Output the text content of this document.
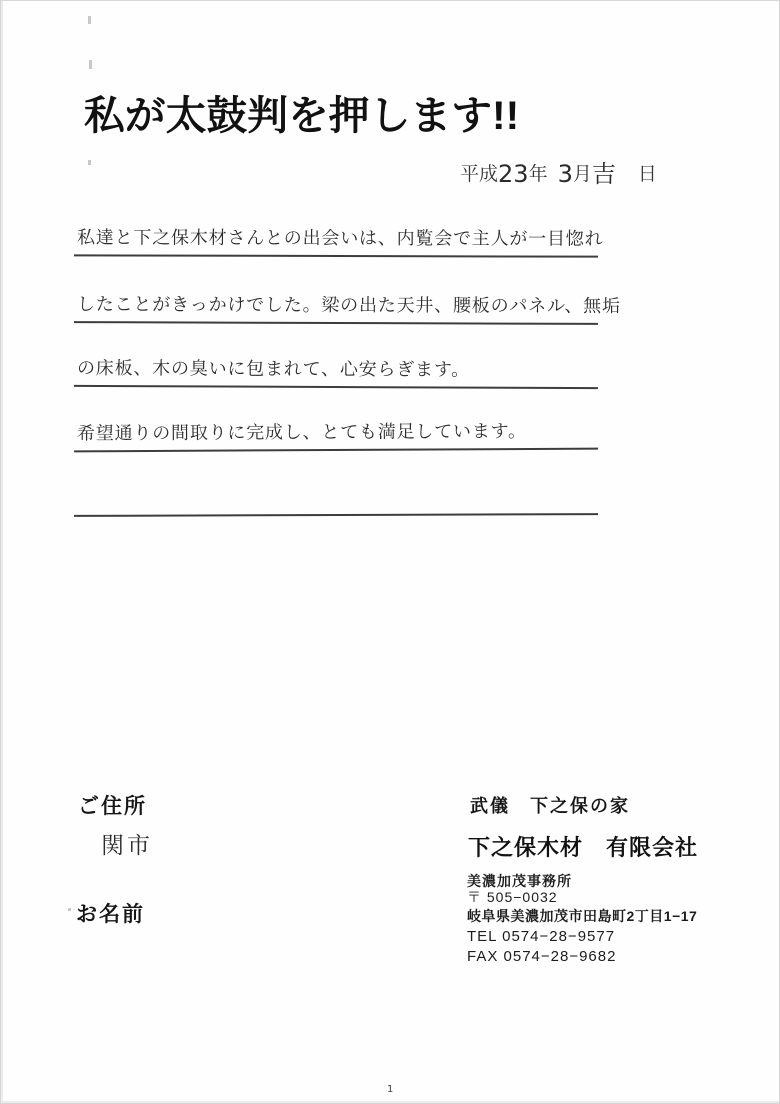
私が太鼓判を押します!!
平成 23 年 3 月 吉 日
私達と下之保木材さんとの出会いは、内覧会で主人が一目惚れ
したことがきっかけでした。梁の出た天井、腰板のパネル、無垢
の床板、木の臭いに包まれて、心安らぎます。
希望通りの間取りに完成し、とても満足しています。

ご住所

関市

お名前

武儀　下之保の家

下之保木材　有限会社

美濃加茂事務所
〒 505−0032
岐阜県美濃加茂市田島町2丁目1−17
TEL 0574−28−9577
FAX 0574−28−9682
1
